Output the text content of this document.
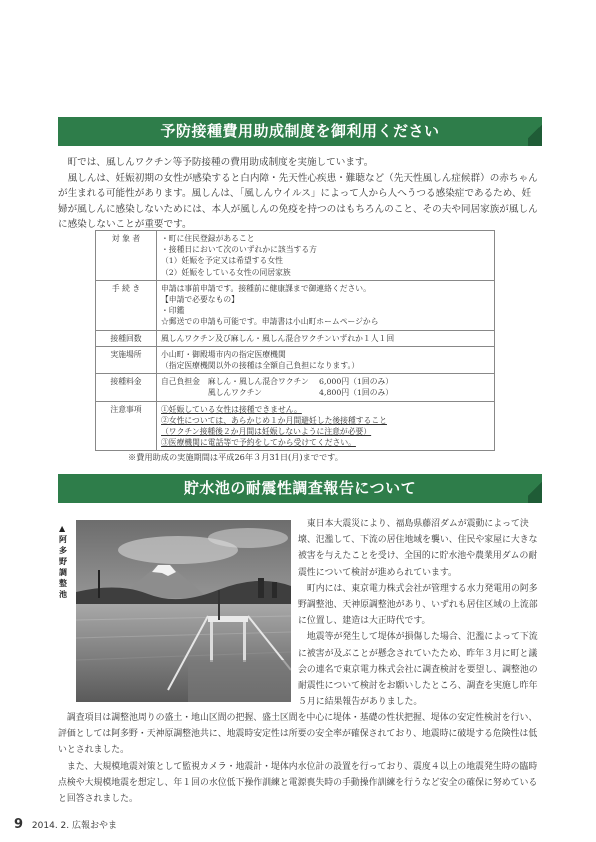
予防接種費用助成制度を御利用ください

町では、風しんワクチン等予防接種の費用助成制度を実施しています。

風しんは、妊娠初期の女性が感染すると白内障・先天性心疾患・難聴など（先天性風しん症候群）の赤ちゃんが生まれる可能性があります。風しんは、「風しんウイルス」によって人から人へうつる感染症であるため、妊婦が風しんに感染しないためには、本人が風しんの免疫を持つのはもちろんのこと、その夫や同居家族が風しんに感染しないことが重要です。

対 象 者	・町に住民登録があること
・接種日において次のいずれかに該当する方
（1）妊娠を予定又は希望する女性
（2）妊娠をしている女性の同居家族

手 続 き	申請は事前申請です。接種前に健康課まで御連絡ください。
【申請で必要なもの】
・印鑑
☆郵送での申請も可能です。申請書は小山町ホームページから

接種回数	風しんワクチン及び麻しん・風しん混合ワクチンいずれか１人１回

実施場所	小山町・御殿場市内の指定医療機関
（指定医療機関以外の接種は全額自己負担になります。）

接種料金	自己負担金　麻しん・風しん混合ワクチン　 6,000円（1回のみ）
　　　　　　風しんワクチン　　　　　　　 4,800円（1回のみ）

注意事項	①妊娠している女性は接種できません。
②女性については、あらかじめ１か月間避妊した後接種すること
（ワクチン接種後２か月間は妊娠しないように注意が必要）
③医療機関に電話等で予約をしてから受けてください。
※費用助成の実施期間は平成26年３月31日(月)までです。
貯水池の耐震性調査報告について
▲阿多野調整池

東日本大震災により、福島県藤沼ダムが震動によって決壊、氾濫して、下流の居住地域を襲い、住民や家屋に大きな被害を与えたことを受け、全国的に貯水池や農業用ダムの耐震性について検討が進められています。

町内には、東京電力株式会社が管理する水力発電用の阿多野調整池、天神原調整池があり、いずれも居住区域の上流部に位置し、建造は大正時代です。

地震等が発生して堤体が損傷した場合、氾濫によって下流に被害が及ぶことが懸念されていたため、昨年３月に町と議会の連名で東京電力株式会社に調査検討を要望し、調整池の耐震性について検討をお願いしたところ、調査を実施し昨年５月に結果報告がありました。

調査項目は調整池周りの盛土・地山区間の把握、盛土区間を中心に堤体・基礎の性状把握、堤体の安定性検討を行い、評価としては阿多野・天神原調整池共に、地震時安定性は所要の安全率が確保されており、地震時に破堤する危険性は低いとされました。

また、大規模地震対策として監視カメラ・地震計・堤体内水位計の設置を行っており、震度４以上の地震発生時の臨時点検や大規模地震を想定し、年１回の水位低下操作訓練と電源喪失時の手動操作訓練を行うなど安全の確保に努めていると回答されました。

9 2014. 2. 広報おやま
